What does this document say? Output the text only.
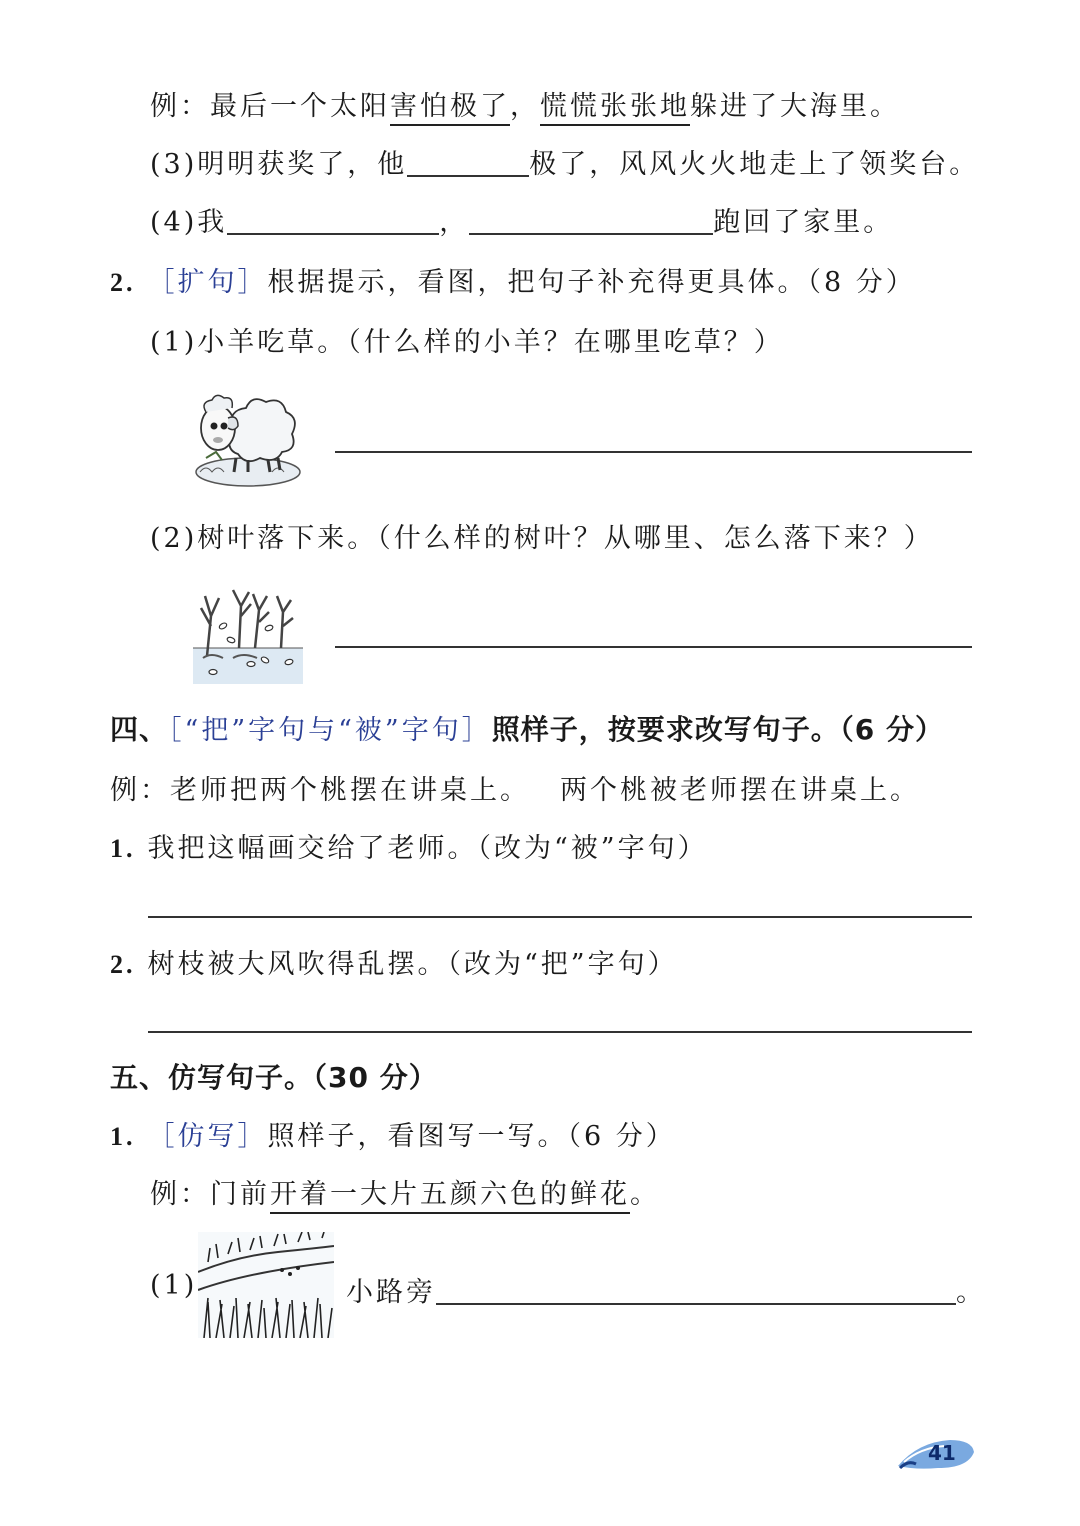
例：最后一个太阳害怕极了，慌慌张张地躲进了大海里。
(3)明明获奖了，他	极了，风风火火地走上了领奖台。
(4)我	，	跑回了家里。
2. ［扩句］根据提示，看图，把句子补充得更具体。（8 分）
(1)小羊吃草。（什么样的小羊？在哪里吃草？）
(2)树叶落下来。（什么样的树叶？从哪里、怎么落下来？）
四、［“把”字句与“被”字句］照样子，按要求改写句子。（6 分）
例：老师把两个桃摆在讲桌上。 两个桃被老师摆在讲桌上。
1. 我把这幅画交给了老师。（改为“被”字句）
2. 树枝被大风吹得乱摆。（改为“把”字句）
五、仿写句子。（30 分）
1. ［仿写］照样子，看图写一写。（6 分）
例：门前开着一大片五颜六色的鲜花。
(1)	小路旁	。
41
